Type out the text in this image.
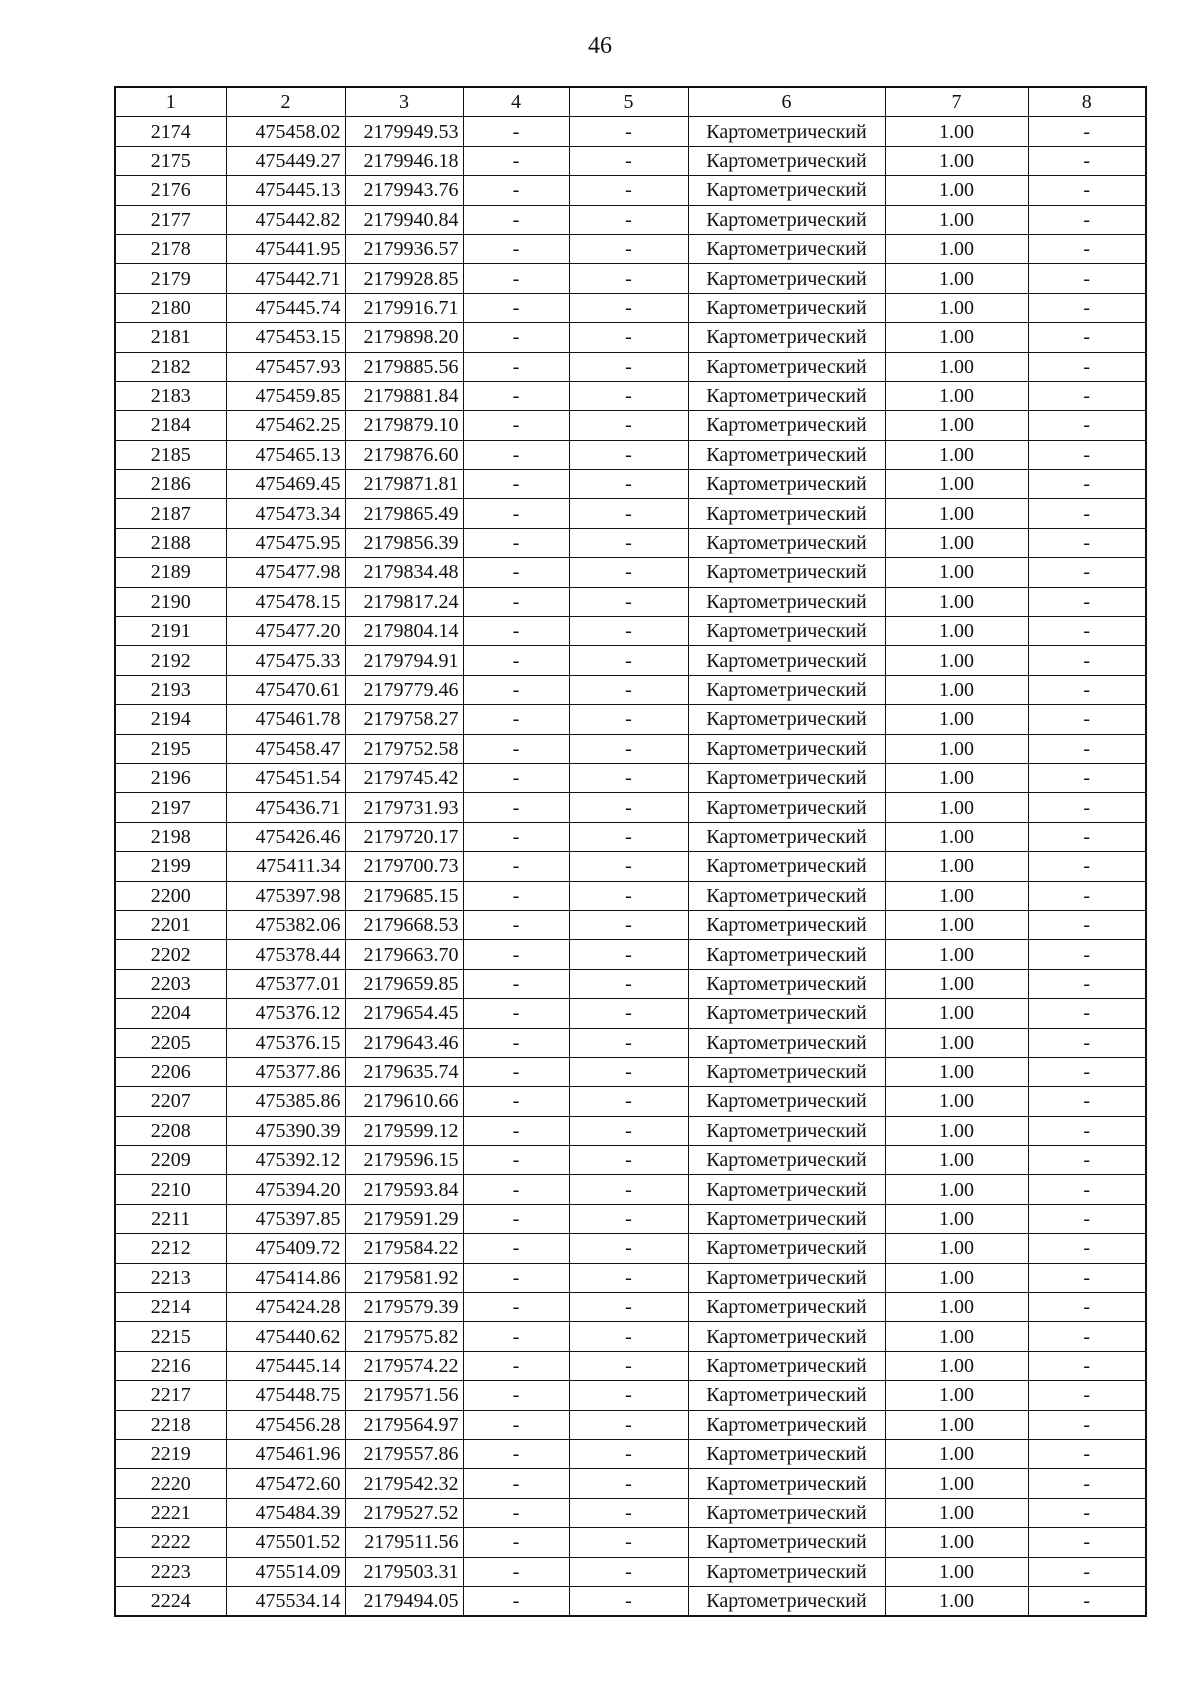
46
1	2	3	4	5	6	7	8
2174	475458.02	2179949.53	-	-	Картометрический	1.00	-
2175	475449.27	2179946.18	-	-	Картометрический	1.00	-
2176	475445.13	2179943.76	-	-	Картометрический	1.00	-
2177	475442.82	2179940.84	-	-	Картометрический	1.00	-
2178	475441.95	2179936.57	-	-	Картометрический	1.00	-
2179	475442.71	2179928.85	-	-	Картометрический	1.00	-
2180	475445.74	2179916.71	-	-	Картометрический	1.00	-
2181	475453.15	2179898.20	-	-	Картометрический	1.00	-
2182	475457.93	2179885.56	-	-	Картометрический	1.00	-
2183	475459.85	2179881.84	-	-	Картометрический	1.00	-
2184	475462.25	2179879.10	-	-	Картометрический	1.00	-
2185	475465.13	2179876.60	-	-	Картометрический	1.00	-
2186	475469.45	2179871.81	-	-	Картометрический	1.00	-
2187	475473.34	2179865.49	-	-	Картометрический	1.00	-
2188	475475.95	2179856.39	-	-	Картометрический	1.00	-
2189	475477.98	2179834.48	-	-	Картометрический	1.00	-
2190	475478.15	2179817.24	-	-	Картометрический	1.00	-
2191	475477.20	2179804.14	-	-	Картометрический	1.00	-
2192	475475.33	2179794.91	-	-	Картометрический	1.00	-
2193	475470.61	2179779.46	-	-	Картометрический	1.00	-
2194	475461.78	2179758.27	-	-	Картометрический	1.00	-
2195	475458.47	2179752.58	-	-	Картометрический	1.00	-
2196	475451.54	2179745.42	-	-	Картометрический	1.00	-
2197	475436.71	2179731.93	-	-	Картометрический	1.00	-
2198	475426.46	2179720.17	-	-	Картометрический	1.00	-
2199	475411.34	2179700.73	-	-	Картометрический	1.00	-
2200	475397.98	2179685.15	-	-	Картометрический	1.00	-
2201	475382.06	2179668.53	-	-	Картометрический	1.00	-
2202	475378.44	2179663.70	-	-	Картометрический	1.00	-
2203	475377.01	2179659.85	-	-	Картометрический	1.00	-
2204	475376.12	2179654.45	-	-	Картометрический	1.00	-
2205	475376.15	2179643.46	-	-	Картометрический	1.00	-
2206	475377.86	2179635.74	-	-	Картометрический	1.00	-
2207	475385.86	2179610.66	-	-	Картометрический	1.00	-
2208	475390.39	2179599.12	-	-	Картометрический	1.00	-
2209	475392.12	2179596.15	-	-	Картометрический	1.00	-
2210	475394.20	2179593.84	-	-	Картометрический	1.00	-
2211	475397.85	2179591.29	-	-	Картометрический	1.00	-
2212	475409.72	2179584.22	-	-	Картометрический	1.00	-
2213	475414.86	2179581.92	-	-	Картометрический	1.00	-
2214	475424.28	2179579.39	-	-	Картометрический	1.00	-
2215	475440.62	2179575.82	-	-	Картометрический	1.00	-
2216	475445.14	2179574.22	-	-	Картометрический	1.00	-
2217	475448.75	2179571.56	-	-	Картометрический	1.00	-
2218	475456.28	2179564.97	-	-	Картометрический	1.00	-
2219	475461.96	2179557.86	-	-	Картометрический	1.00	-
2220	475472.60	2179542.32	-	-	Картометрический	1.00	-
2221	475484.39	2179527.52	-	-	Картометрический	1.00	-
2222	475501.52	2179511.56	-	-	Картометрический	1.00	-
2223	475514.09	2179503.31	-	-	Картометрический	1.00	-
2224	475534.14	2179494.05	-	-	Картометрический	1.00	-
